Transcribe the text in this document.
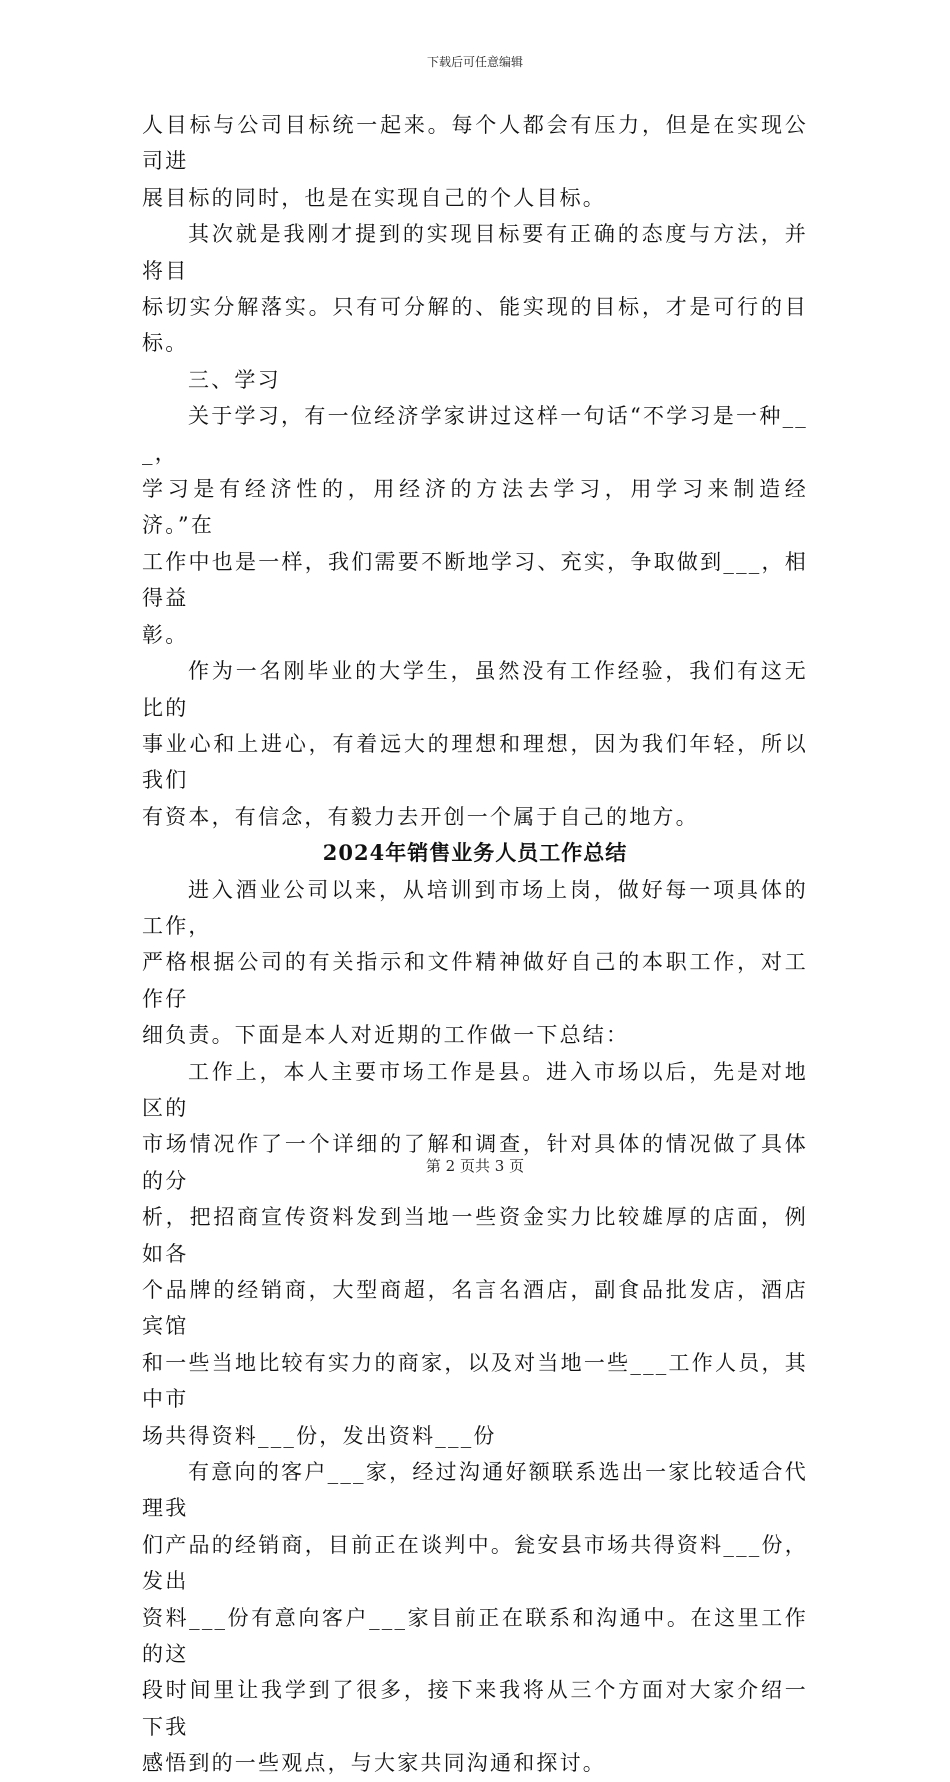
下载后可任意编辑

人目标与公司目标统一起来。每个人都会有压力，但是在实现公司进
展目标的同时，也是在实现自己的个人目标。

其次就是我刚才提到的实现目标要有正确的态度与方法，并将目
标切实分解落实。只有可分解的、能实现的目标，才是可行的目标。

三、学习

关于学习，有一位经济学家讲过这样一句话“不学习是一种___，
学习是有经济性的，用经济的方法去学习，用学习来制造经济。”在
工作中也是一样，我们需要不断地学习、充实，争取做到___，相得益
彰。

作为一名刚毕业的大学生，虽然没有工作经验，我们有这无比的
事业心和上进心，有着远大的理想和理想，因为我们年轻，所以我们
有资本，有信念，有毅力去开创一个属于自己的地方。

2024年销售业务人员工作总结

进入酒业公司以来，从培训到市场上岗，做好每一项具体的工作，
严格根据公司的有关指示和文件精神做好自己的本职工作，对工作仔
细负责。下面是本人对近期的工作做一下总结：

工作上，本人主要市场工作是县。进入市场以后，先是对地区的
市场情况作了一个详细的了解和调查，针对具体的情况做了具体的分
析，把招商宣传资料发到当地一些资金实力比较雄厚的店面，例如各
个品牌的经销商，大型商超，名言名酒店，副食品批发店，酒店宾馆
和一些当地比较有实力的商家，以及对当地一些___工作人员，其中市
场共得资料___份，发出资料___份

有意向的客户___家，经过沟通好额联系选出一家比较适合代理我
们产品的经销商，目前正在谈判中。瓮安县市场共得资料___份，发出
资料___份有意向客户___家目前正在联系和沟通中。在这里工作的这
段时间里让我学到了很多，接下来我将从三个方面对大家介绍一下我
感悟到的一些观点，与大家共同沟通和探讨。

第 2 页共 3 页
